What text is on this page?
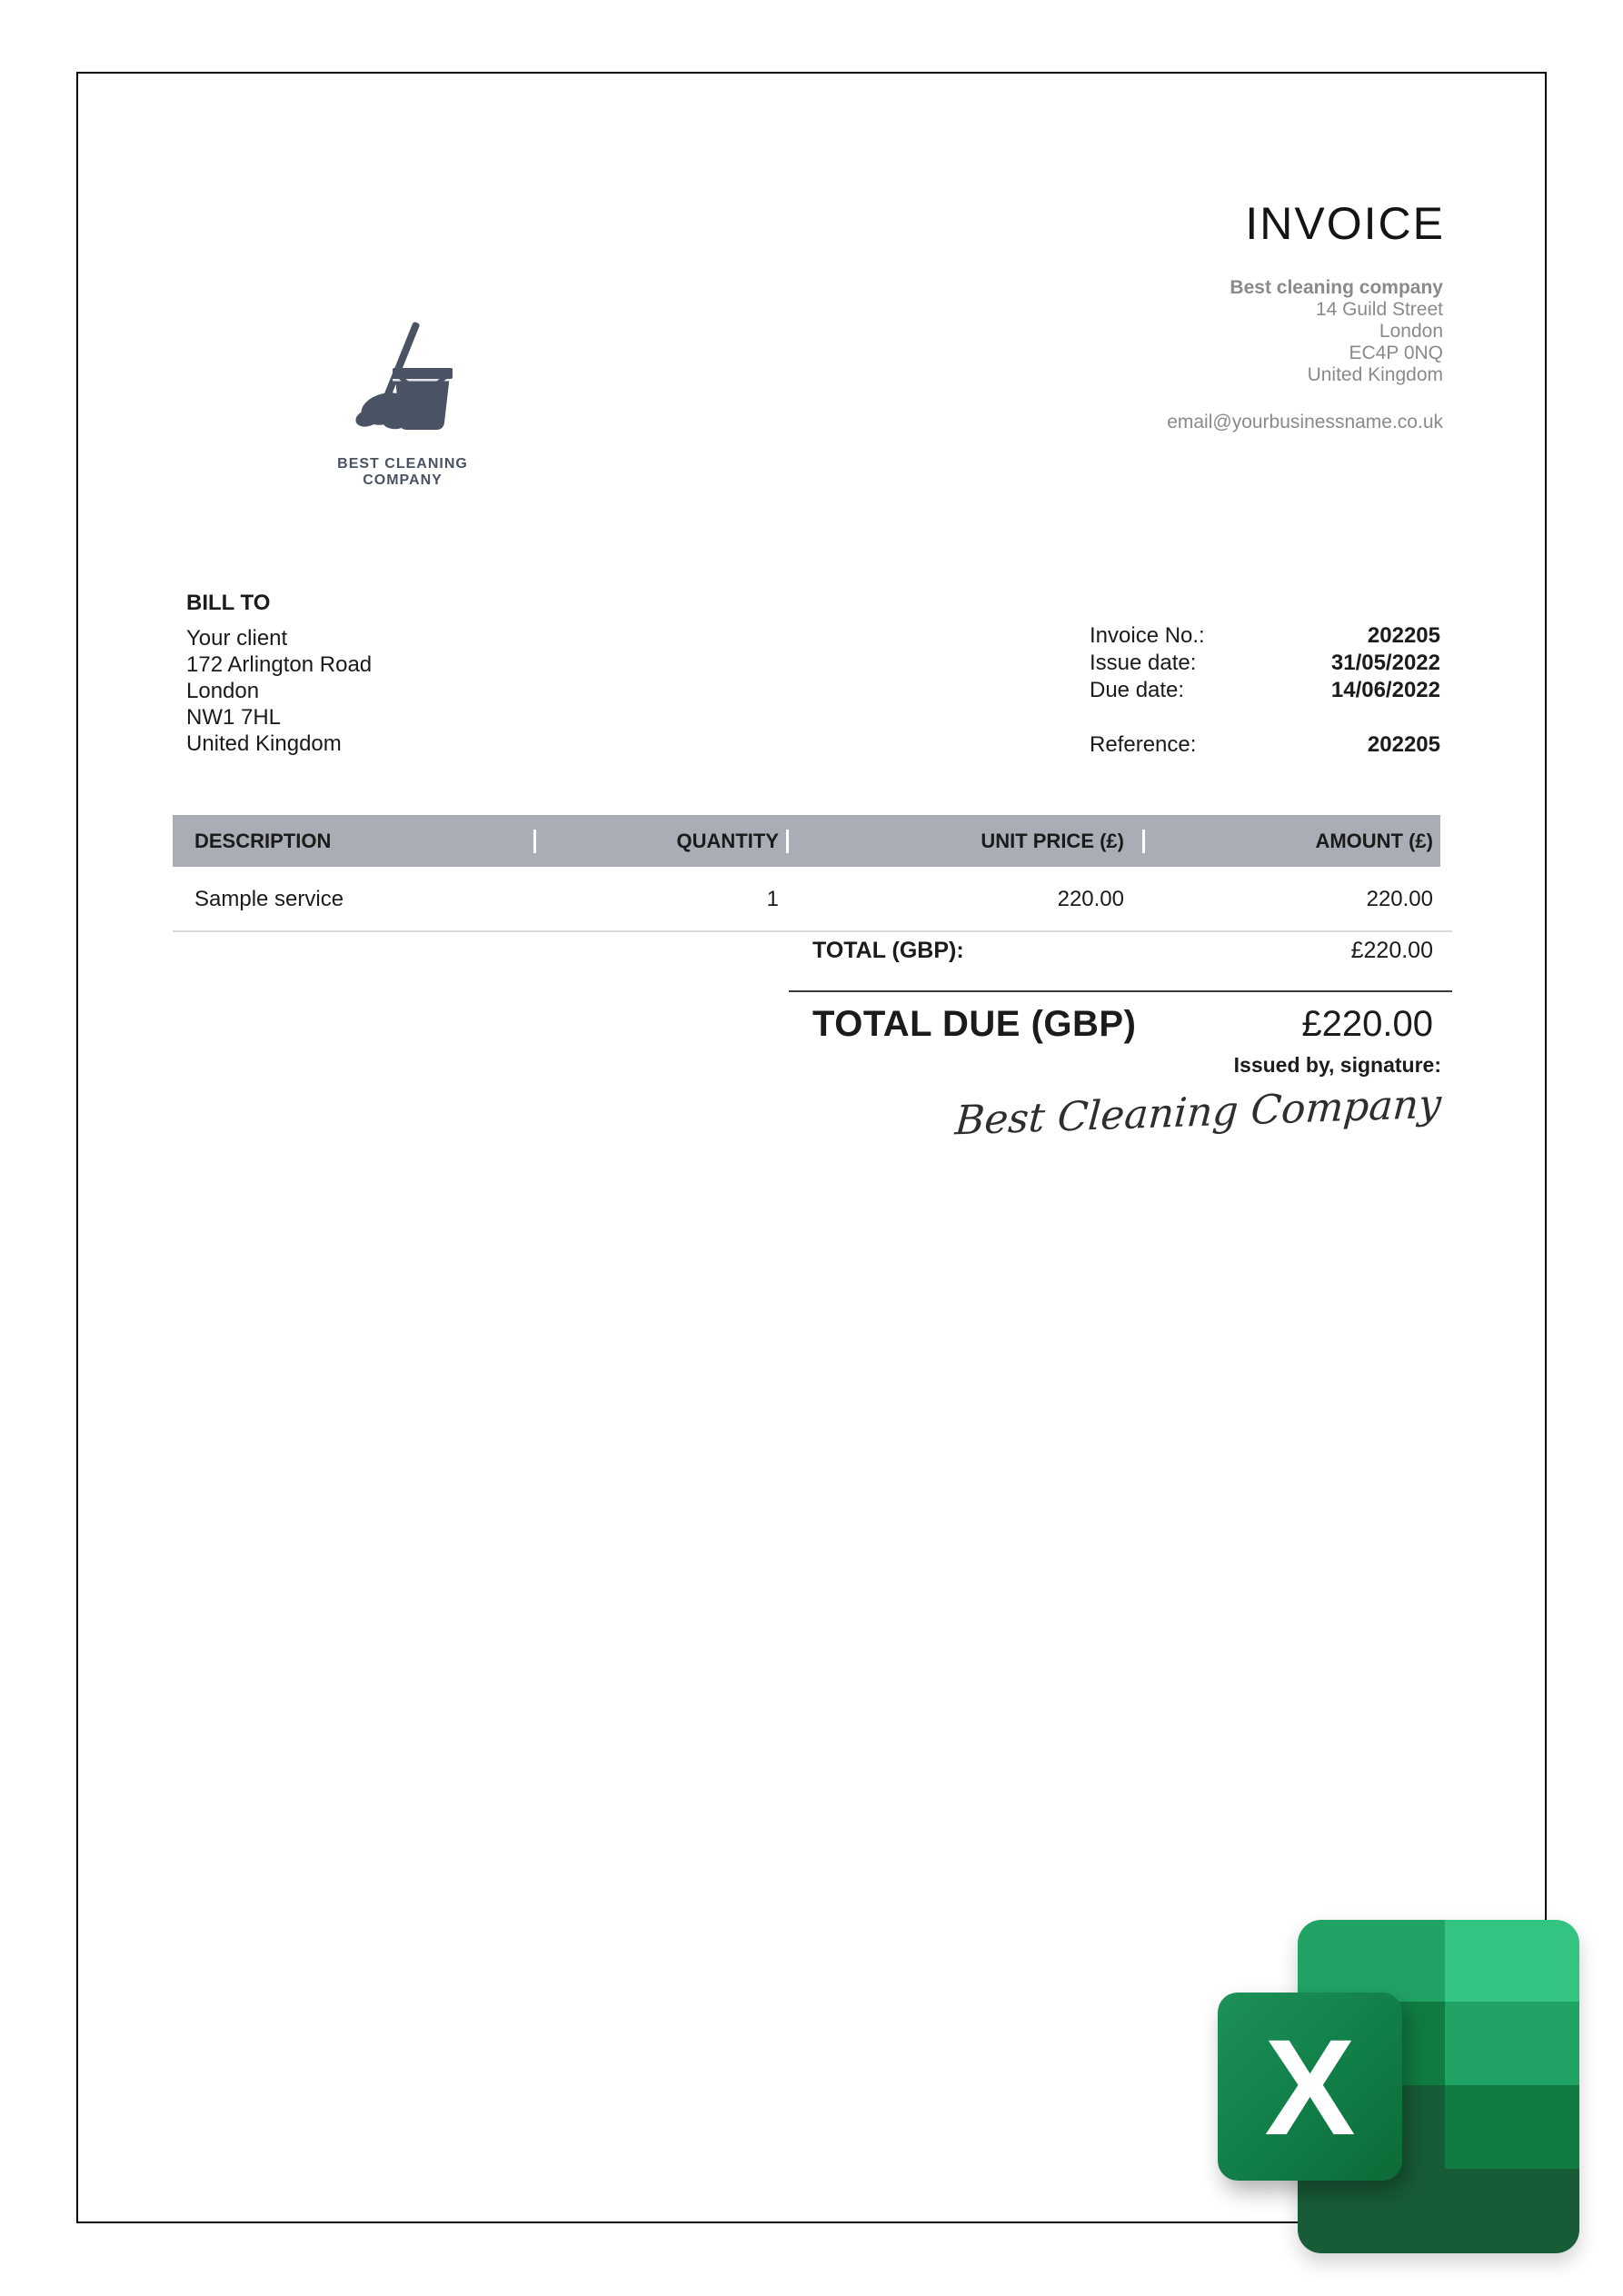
INVOICE
Best cleaning company
14 Guild Street
London
EC4P 0NQ
United Kingdom
email@yourbusinessname.co.uk
BEST CLEANING COMPANY
BILL TO
Your client
172 Arlington Road
London
NW1 7HL
United Kingdom
Invoice No.:	202205
Issue date:	31/05/2022
Due date:	14/06/2022
Reference:	202205
DESCRIPTION	QUANTITY	UNIT PRICE (£)	AMOUNT (£)
Sample service	1	220.00	220.00
TOTAL (GBP):	£220.00
TOTAL DUE (GBP)	£220.00
Issued by, signature:
Best Cleaning Company
X
